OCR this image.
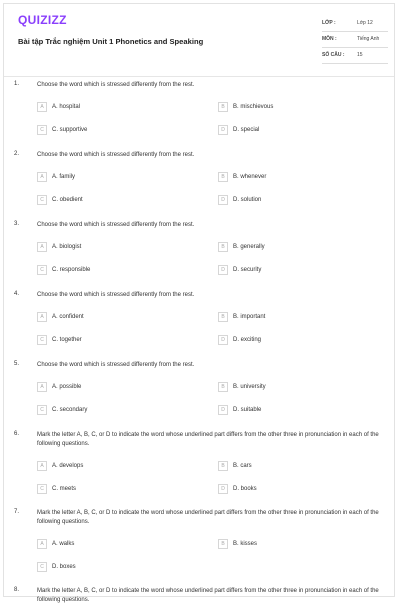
QUIZIZZ
Bài tập Trắc nghiệm Unit 1 Phonetics and Speaking
LỚP :	Lớp 12
MÔN :	Tiếng Anh
SỐ CÂU :	15
1.	Choose the word which is stressed differently from the rest.
A	A. hospital	B	B. mischievous
C	C. supportive	D	D. special
2.	Choose the word which is stressed differently from the rest.
A	A. family	B	B. whenever
C	C. obedient	D	D. solution
3.	Choose the word which is stressed differently from the rest.
A	A. biologist	B	B. generally
C	C. responsible	D	D. security
4.	Choose the word which is stressed differently from the rest.
A	A. confident	B	B. important
C	C. together	D	D. exciting
5.	Choose the word which is stressed differently from the rest.
A	A. possible	B	B. university
C	C. secondary	D	D. suitable
6.	Mark the letter A, B, C, or D to indicate the word whose underlined part differs from the other three in pronunciation in each of the following questions.
A	A. develops	B	B. cars
C	C. meets	D	D. books
7.	Mark the letter A, B, C, or D to indicate the word whose underlined part differs from the other three in pronunciation in each of the following questions.
A	A. walks	B	B. kisses
C	D. boxes
8.	Mark the letter A, B, C, or D to indicate the word whose underlined part differs from the other three in pronunciation in each of the following questions.
